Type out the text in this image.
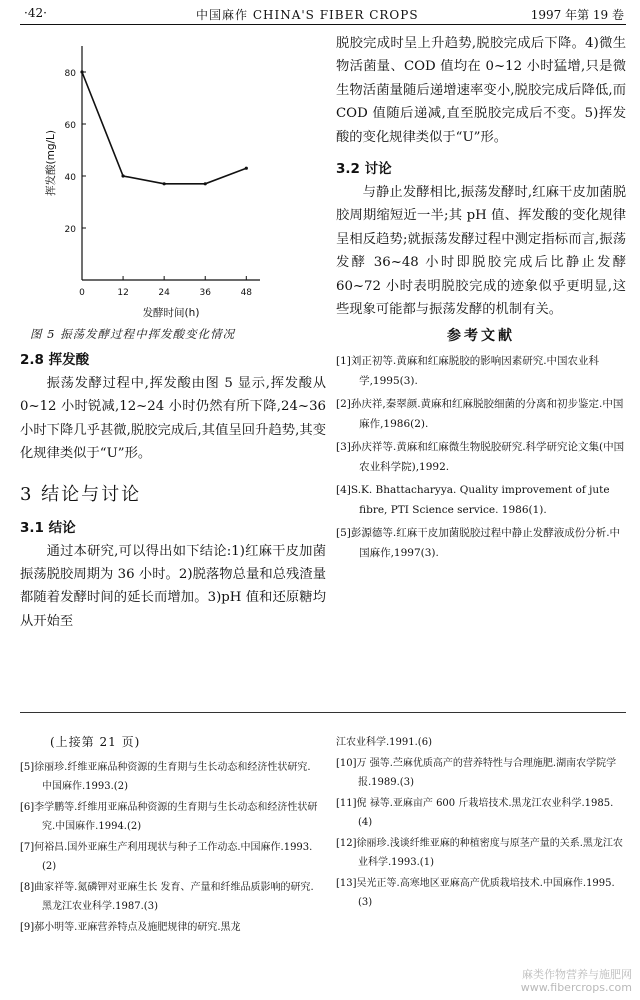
·42·	中国麻作 CHINA'S FIBER CROPS	1997 年第 19 卷
20
40
60
80
0	12	24	36	48
发酵时间(h)
挥发酸(mg/L)

图 5 振荡发酵过程中挥发酸变化情况

2.8 挥发酸

振荡发酵过程中,挥发酸由图 5 显示,挥发酸从 0~12 小时锐减,12~24 小时仍然有所下降,24~36 小时下降几乎甚微,脱胶完成后,其值呈回升趋势,其变化规律类似于“U”形。

3 结论与讨论
3.1 结论

通过本研究,可以得出如下结论:1)红麻干皮加菌振荡脱胶周期为 36 小时。2)脱落物总量和总残渣量都随着发酵时间的延长而增加。3)pH 值和还原糖均从开始至

脱胶完成时呈上升趋势,脱胶完成后下降。4)微生物活菌量、COD 值均在 0~12 小时猛增,只是微生物活菌量随后递增速率变小,脱胶完成后降低,而 COD 值随后递减,直至脱胶完成后不变。5)挥发酸的变化规律类似于“U”形。

3.2 讨论

与静止发酵相比,振荡发酵时,红麻干皮加菌脱胶周期缩短近一半;其 pH 值、挥发酸的变化规律呈相反趋势;就振荡发酵过程中测定指标而言,振荡发酵 36~48 小时即脱胶完成后比静止发酵 60~72 小时表明脱胶完成的迹象似乎更明显,这些现象可能都与振荡发酵的机制有关。

参考文献

[1]刘正初等.黄麻和红麻脱胶的影响因素研究.中国农业科学,1995(3).

[2]孙庆祥,秦翠颜.黄麻和红麻脱胶细菌的分离和初步鉴定.中国麻作,1986(2).

[3]孙庆祥等.黄麻和红麻微生物脱胶研究.科学研究论文集(中国农业科学院),1992.

[4]S.K. Bhattacharyya. Quality improvement of jute fibre, PTI Science service. 1986(1).

[5]彭源德等.红麻干皮加菌脱胶过程中静止发酵液成份分析.中国麻作,1997(3).

(上接第 21 页)

[5]徐丽珍.纤维亚麻品种资源的生育期与生长动态和经济性状研究.中国麻作.1993.(2)

[6]李学鹏等.纤维用亚麻品种资源的生育期与生长动态和经济性状研究.中国麻作.1994.(2)

[7]何裕昌.国外亚麻生产利用现状与种子工作动态.中国麻作.1993.(2)

[8]曲家祥等.氮磷钾对亚麻生长 发育、产量和纤维品质影响的研究.黑龙江农业科学.1987.(3)

[9]郝小明等.亚麻营养特点及施肥规律的研究.黑龙

江农业科学.1991.(6)

[10]万 强等.苎麻优质高产的营养特性与合理施肥.湖南农学院学报.1989.(3)

[11]倪 禄等.亚麻亩产 600 斤栽培技术.黑龙江农业科学.1985.(4)

[12]徐丽珍.浅谈纤维亚麻的种植密度与原茎产量的关系.黑龙江农业科学.1993.(1)

[13]吴光正等.高寒地区亚麻高产优质栽培技术.中国麻作.1995.(3)

麻类作物营养与施肥网
www.fibercrops.com
